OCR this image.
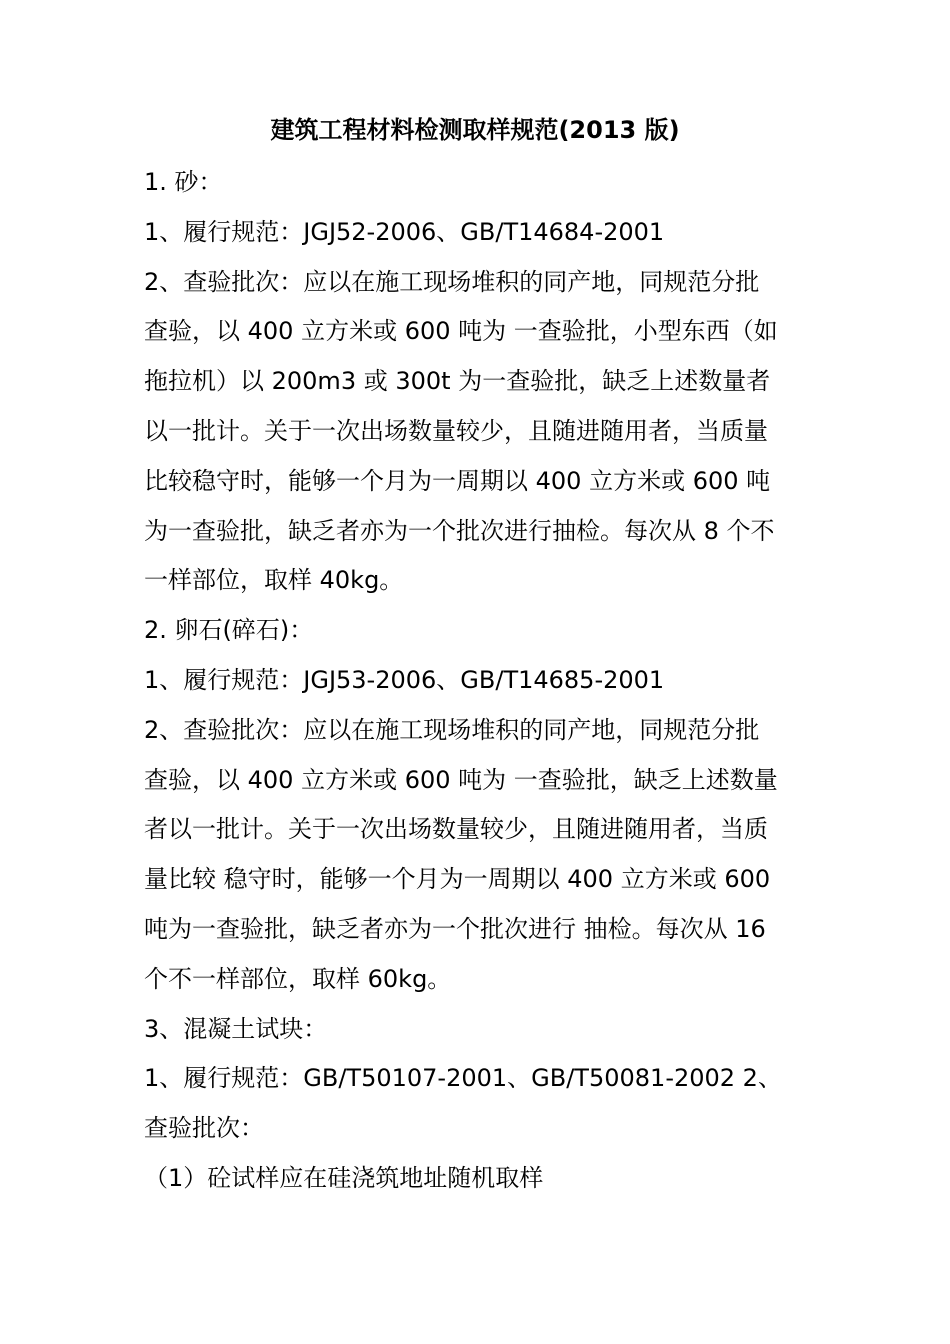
建筑工程材料检测取样规范(2013 版)
1. 砂：
1、履行规范：JGJ52-2006、GB/T14684-2001
2、查验批次：应以在施工现场堆积的同产地，同规范分批
查验，以 400 立方米或 600 吨为 一查验批，小型东西（如
拖拉机）以 200m3 或 300t 为一查验批，缺乏上述数量者
以一批计。关于一次出场数量较少，且随进随用者，当质量
比较稳守时，能够一个月为一周期以 400 立方米或 600 吨
为一查验批，缺乏者亦为一个批次进行抽检。每次从 8 个不
一样部位，取样 40kg。
2. 卵石(碎石)：
1、履行规范：JGJ53-2006、GB/T14685-2001
2、查验批次：应以在施工现场堆积的同产地，同规范分批
查验，以 400 立方米或 600 吨为 一查验批，缺乏上述数量
者以一批计。关于一次出场数量较少，且随进随用者，当质
量比较 稳守时，能够一个月为一周期以 400 立方米或 600
吨为一查验批，缺乏者亦为一个批次进行 抽检。每次从 16
个不一样部位，取样 60kg。
3、混凝土试块：
1、履行规范：GB/T50107-2001、GB/T50081-2002 2、
查验批次：
（1）砼试样应在硅浇筑地址随机取样
